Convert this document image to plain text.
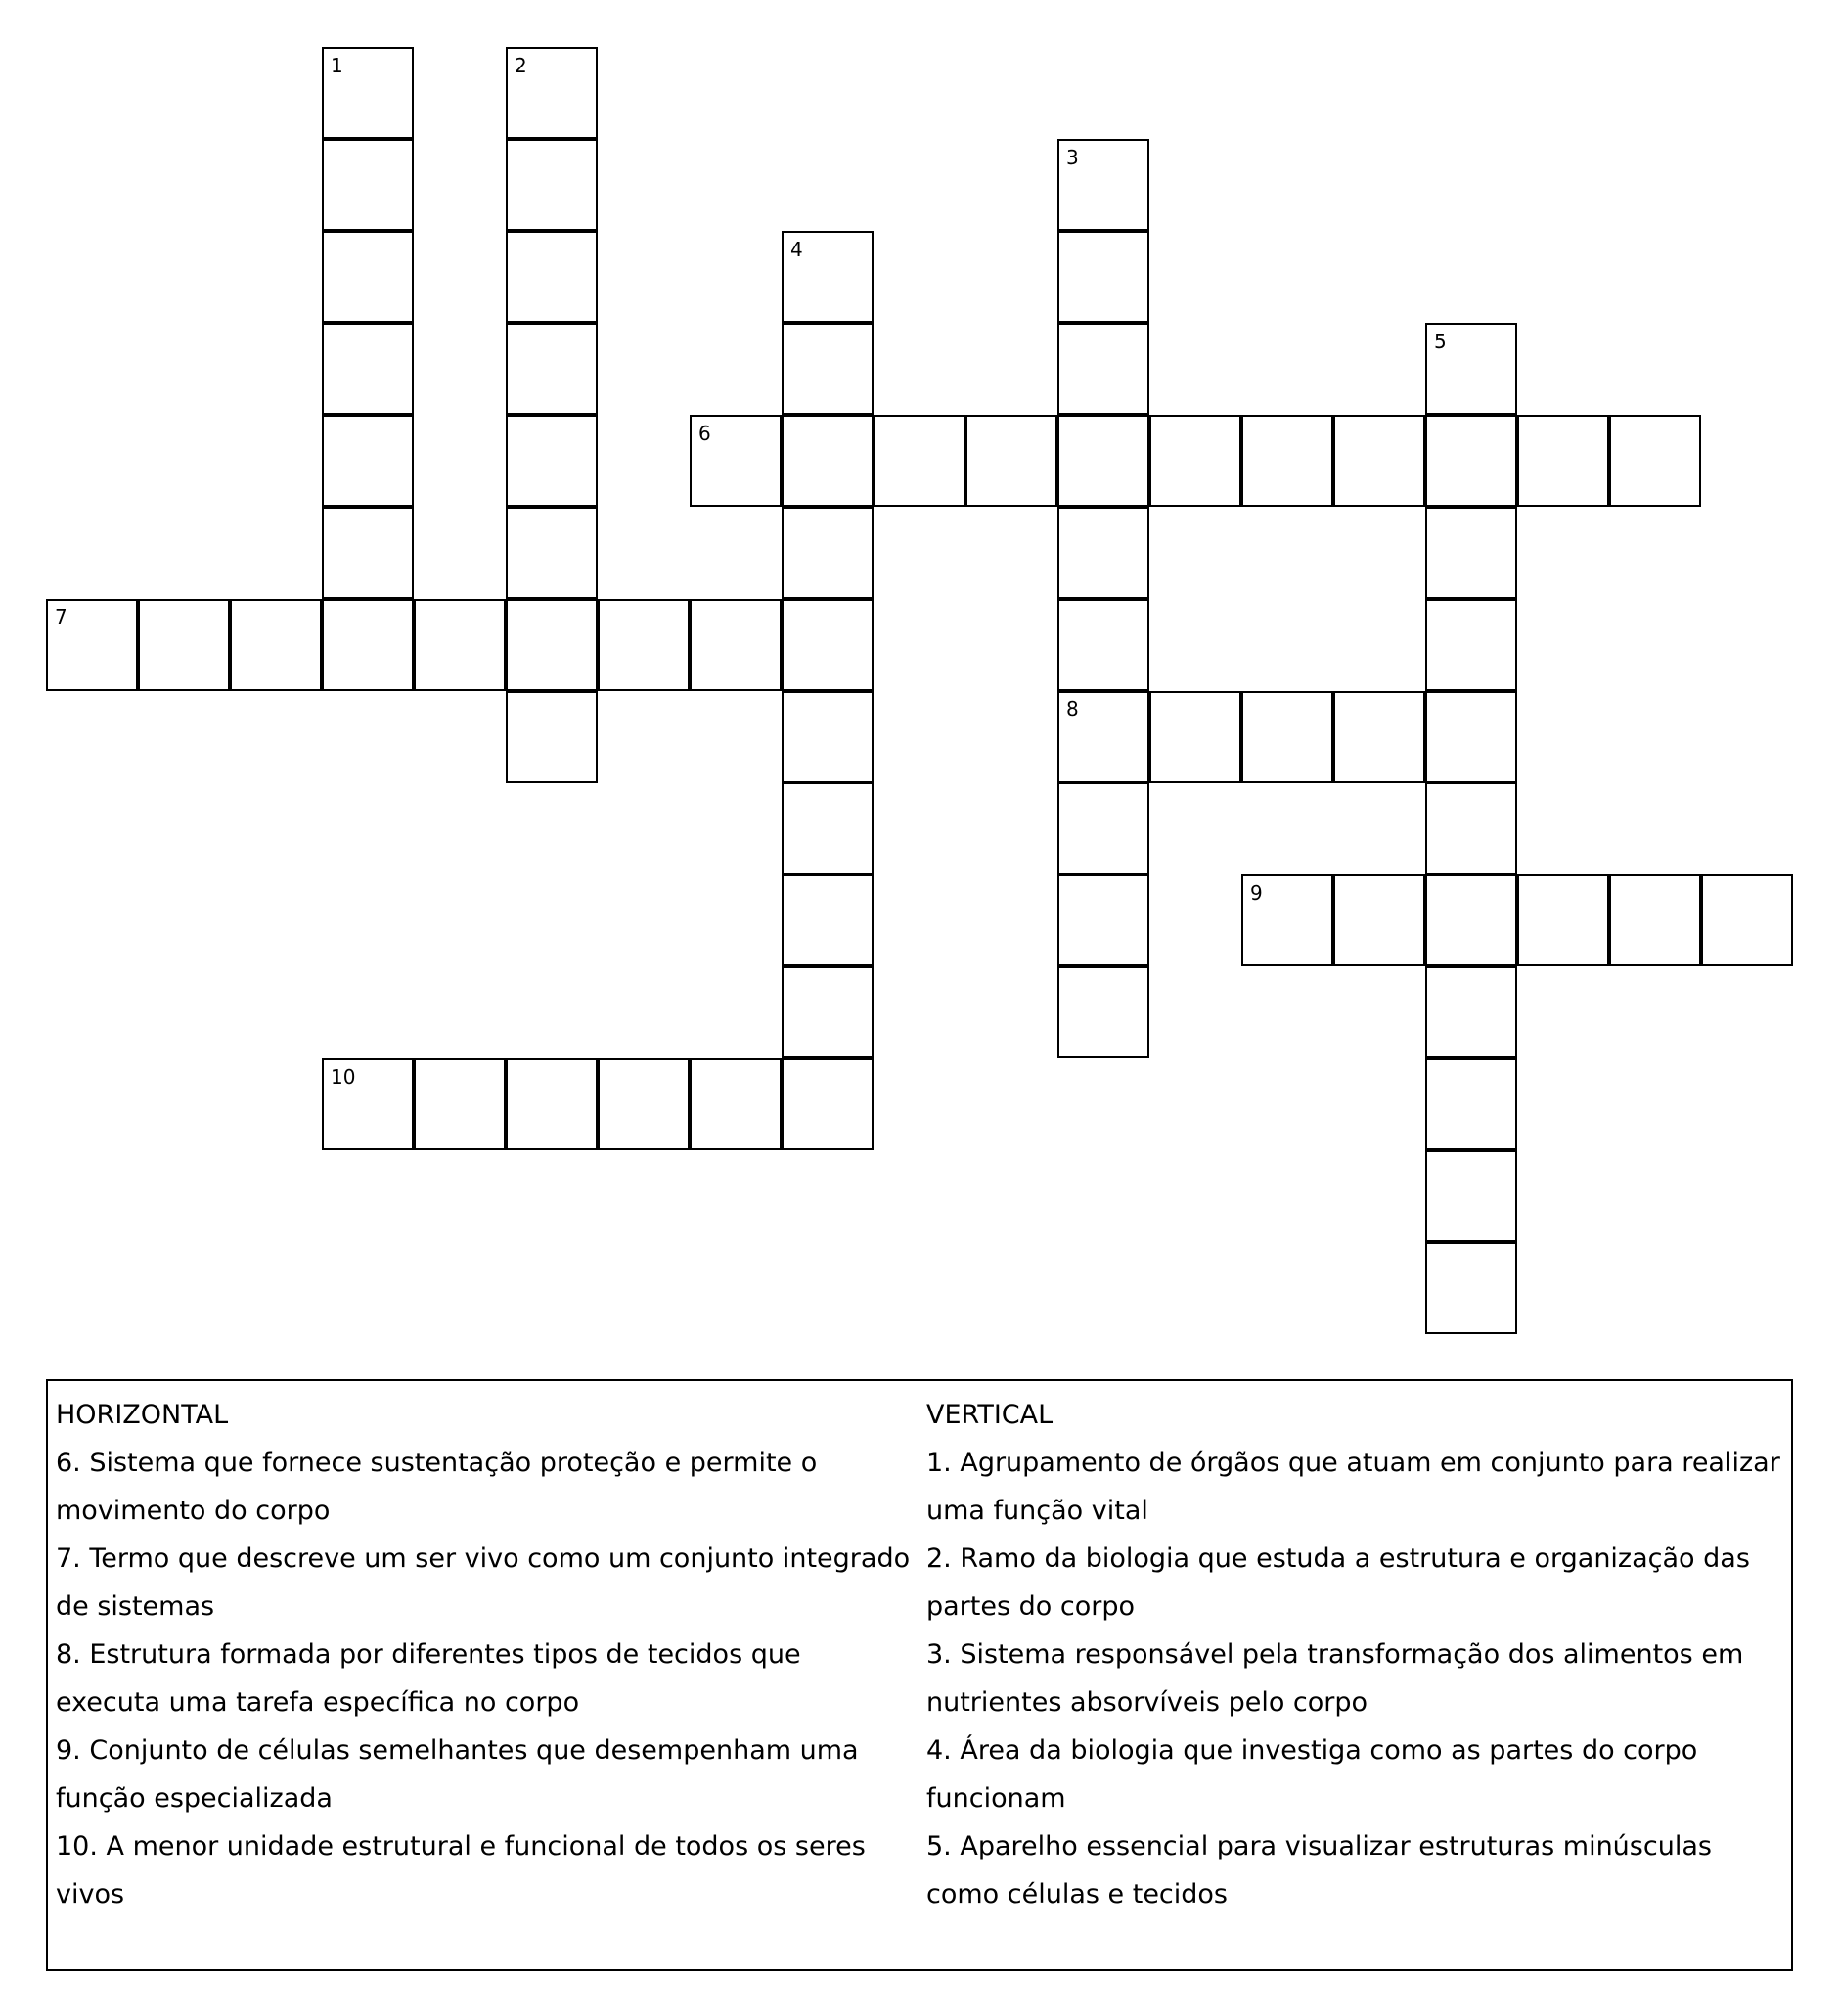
1	2
3
8
4
5
6
7
9
10
HORIZONTAL
6. Sistema que fornece sustentação proteção e permite o movimento do corpo
7. Termo que descreve um ser vivo como um conjunto integrado de sistemas
8. Estrutura formada por diferentes tipos de tecidos que executa uma tarefa específica no corpo
9. Conjunto de células semelhantes que desempenham uma função especializada
10. A menor unidade estrutural e funcional de todos os seres vivos
VERTICAL
1. Agrupamento de órgãos que atuam em conjunto para realizar uma função vital
2. Ramo da biologia que estuda a estrutura e organização das partes do corpo
3. Sistema responsável pela transformação dos alimentos em nutrientes absorvíveis pelo corpo
4. Área da biologia que investiga como as partes do corpo funcionam
5. Aparelho essencial para visualizar estruturas minúsculas como células e tecidos
